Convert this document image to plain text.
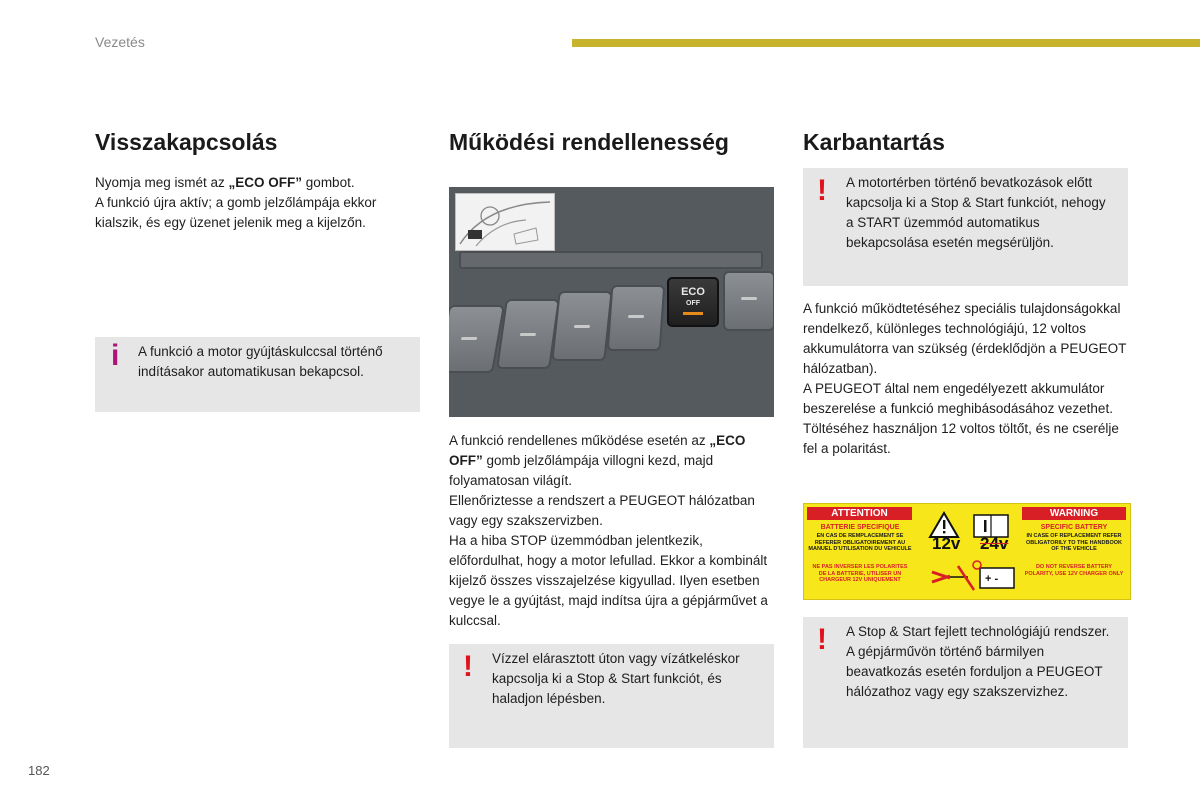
Vezetés
Visszakapcsolás

Nyomja meg ismét az „ECO OFF” gombot.

A funkció újra aktív; a gomb jelzőlámpája ekkor kialszik, és egy üzenet jelenik meg a kijelzőn.

i A funkció a motor gyújtáskulccsal történő indításakor automatikusan bekapcsol.
Működési rendellenesség
ECO
OFF

A funkció rendellenes működése esetén az „ECO OFF” gomb jelzőlámpája villogni kezd, majd folyamatosan világít.

Ellenőriztesse a rendszert a PEUGEOT hálózatban vagy egy szakszervizben.

Ha a hiba STOP üzemmódban jelentkezik, előfordulhat, hogy a motor lefullad. Ekkor a kombinált kijelző összes visszajelzése kigyullad. Ilyen esetben vegye le a gyújtást, majd indítsa újra a gépjárművet a kulccsal.

! Vízzel elárasztott úton vagy vízátkeléskor kapcsolja ki a Stop & Start funkciót, és haladjon lépésben.
Karbantartás
! A motortérben történő bevatkozások előtt kapcsolja ki a Stop & Start funkciót, nehogy a START üzemmód automatikus bekapcsolása esetén megsérüljön.

A funkció működtetéséhez speciális tulajdonságokkal rendelkező, különleges technológiájú, 12 voltos akkumulátorra van szükség (érdeklődjön a PEUGEOT hálózatban).

A PEUGEOT által nem engedélyezett akkumulátor beszerelése a funkció meghibásodásához vezethet.

Töltéséhez használjon 12 voltos töltőt, és ne cserélje fel a polaritást.

ATTENTION	WARNING
BATTERIE SPECIFIQUE
EN CAS DE REMPLACEMENT SE REFERER OBLIGATOIREMENT AU MANUEL D'UTILISATION DU VEHICULE
NE PAS INVERSER LES POLARITES DE LA BATTERIE, UTILISER UN CHARGEUR 12V UNIQUEMENT
SPECIFIC BATTERY
IN CASE OF REPLACEMENT REFER OBLIGATORILY TO THE HANDBOOK OF THE VEHICLE
DO NOT REVERSE BATTERY POLARITY, USE 12V CHARGER ONLY
12v 24v
+ -
! A Stop & Start fejlett technológiájú rendszer. A gépjárművön történő bármilyen beavatkozás esetén forduljon a PEUGEOT hálózathoz vagy egy szakszervizhez.
182
